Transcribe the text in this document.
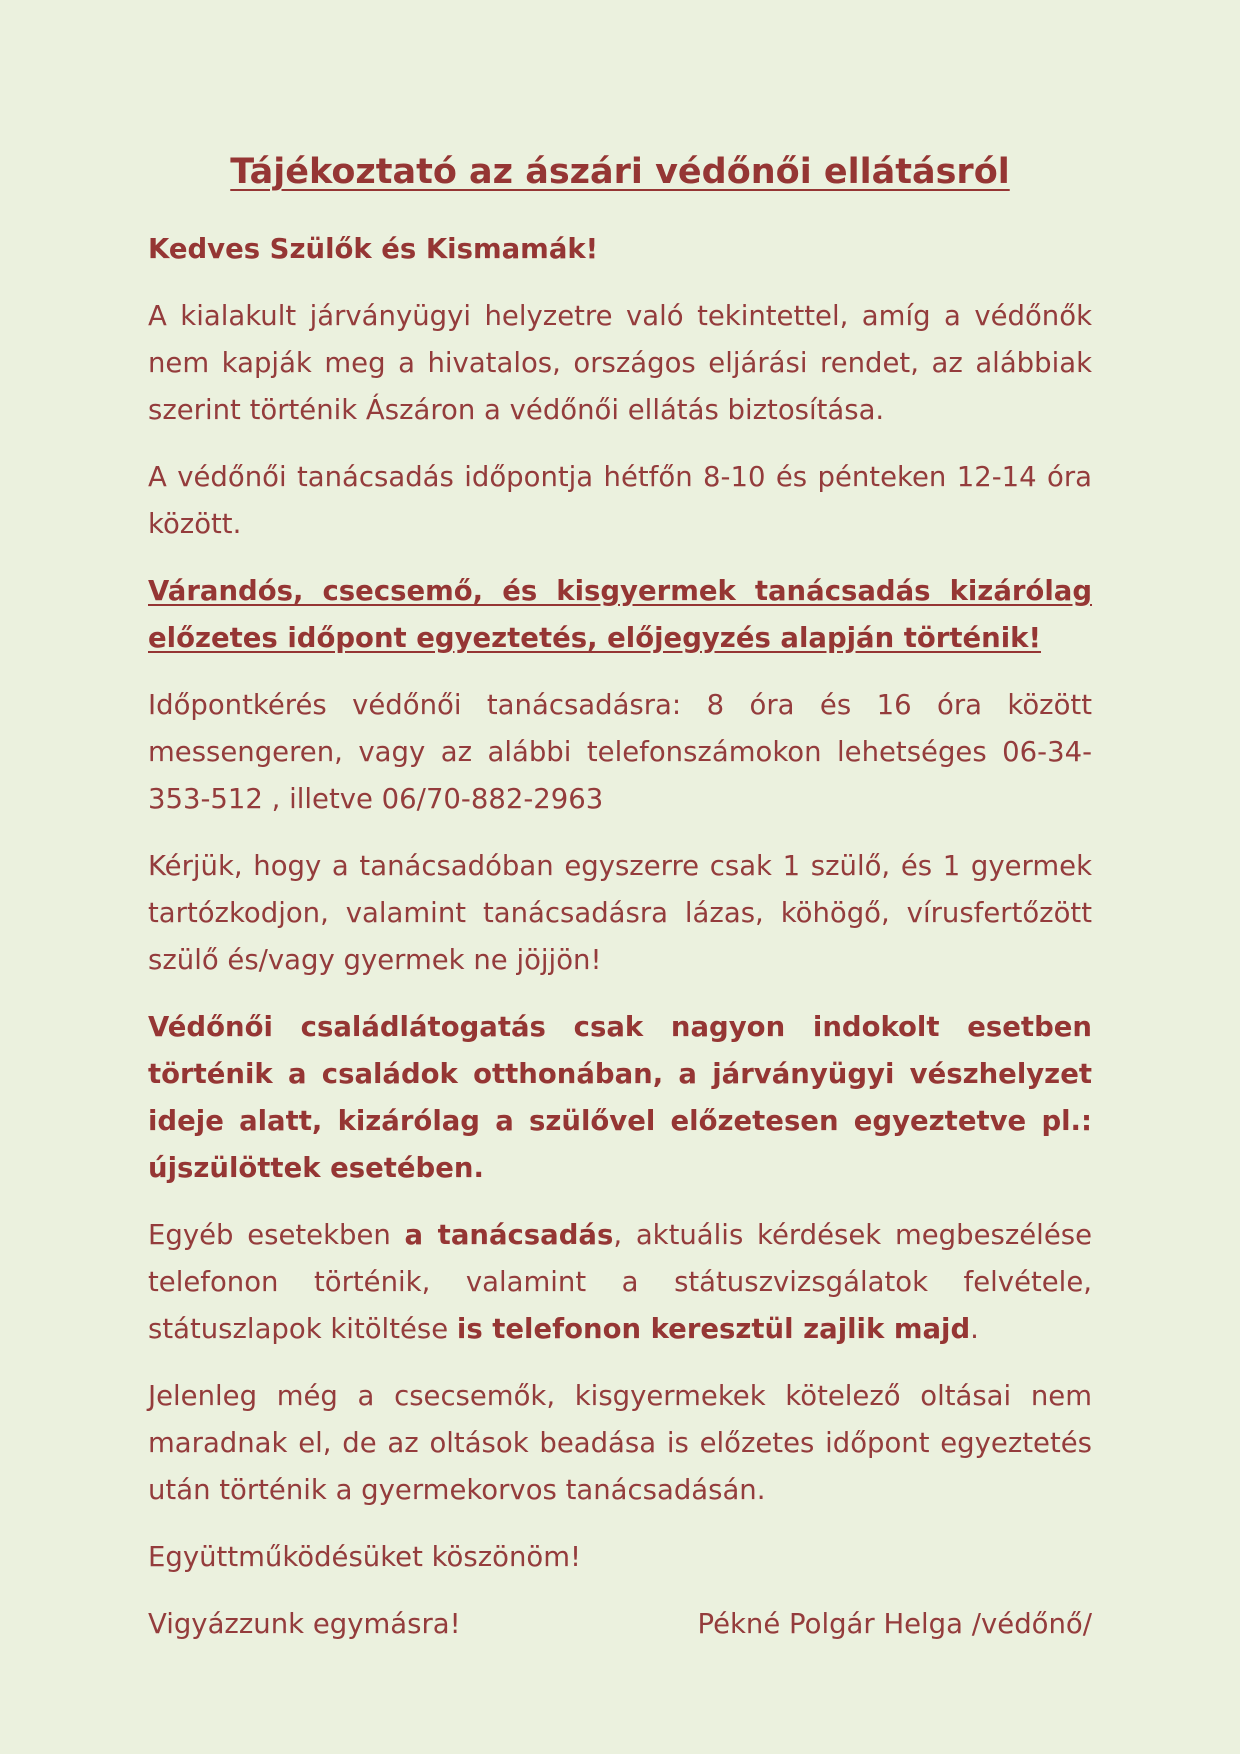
Tájékoztató az ászári védőnői ellátásról
Kedves Szülők és Kismamák!
A kialakult járványügyi helyzetre való tekintettel, amíg a védőnők nem kapják meg a hivatalos, országos eljárási rendet, az alábbiak szerint történik Ászáron a védőnői ellátás biztosítása.
A védőnői tanácsadás időpontja hétfőn 8-10 és pénteken 12-14 óra között.
Várandós, csecsemő, és kisgyermek tanácsadás kizárólag előzetes időpont egyeztetés, előjegyzés alapján történik!
Időpontkérés védőnői tanácsadásra: 8 óra és 16 óra között messengeren, vagy az alábbi telefonszámokon lehetséges 06-34-353-512 , illetve 06/70-882-2963
Kérjük, hogy a tanácsadóban egyszerre csak 1 szülő, és 1 gyermek tartózkodjon, valamint tanácsadásra lázas, köhögő, vírusfertőzött szülő és/vagy gyermek ne jöjjön!
Védőnői családlátogatás csak nagyon indokolt esetben történik a családok otthonában, a járványügyi vészhelyzet ideje alatt, kizárólag a szülővel előzetesen egyeztetve pl.: újszülöttek esetében.
Egyéb esetekben a tanácsadás, aktuális kérdések megbeszélése telefonon történik, valamint a státuszvizsgálatok felvétele, státuszlapok kitöltése is telefonon keresztül zajlik majd.
Jelenleg még a csecsemők, kisgyermekek kötelező oltásai nem maradnak el, de az oltások beadása is előzetes időpont egyeztetés után történik a gyermekorvos tanácsadásán.
Együttműködésüket köszönöm!
Vigyázzunk egymásra!	Pékné Polgár Helga /védőnő/
